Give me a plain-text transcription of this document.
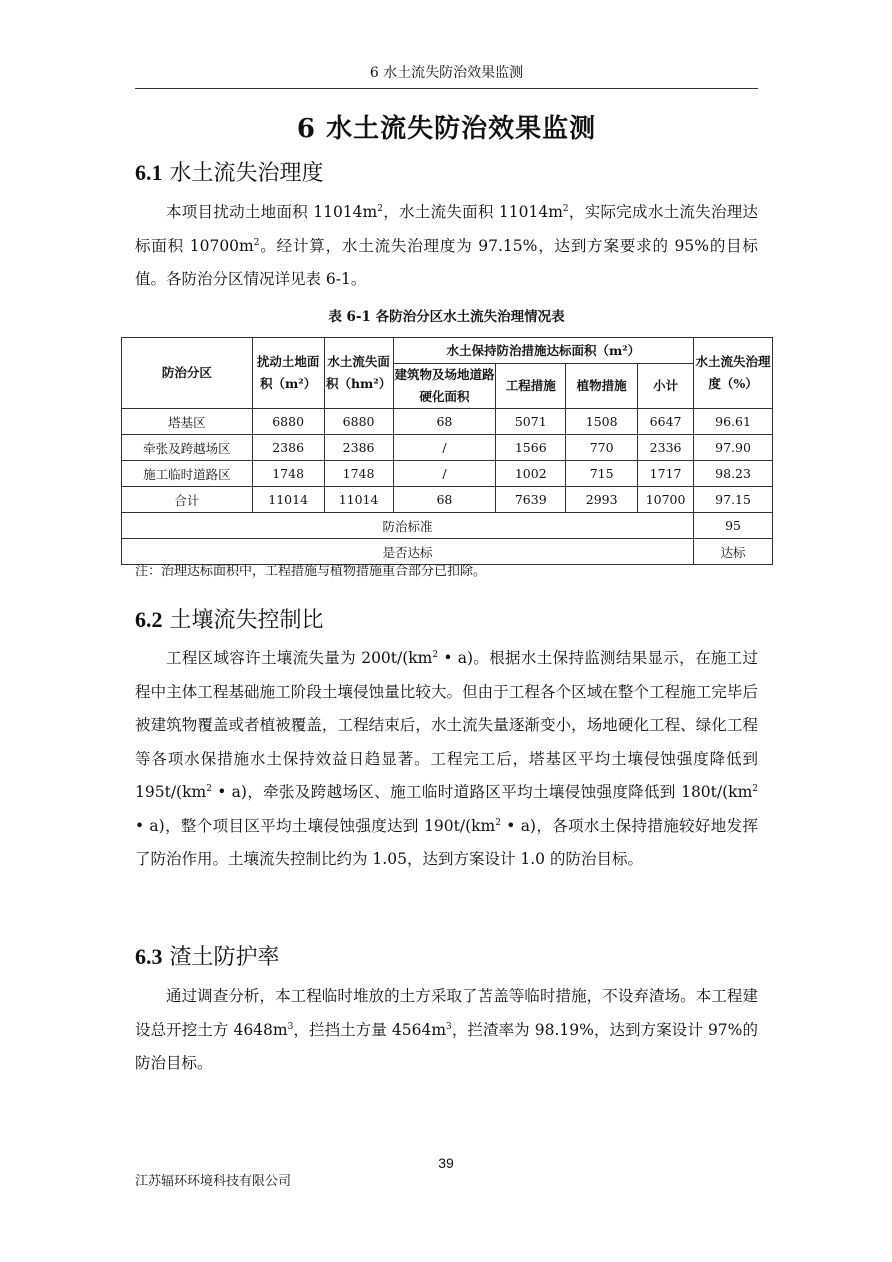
6 水土流失防治效果监测
6 水土流失防治效果监测
6.1 水土流失治理度

本项目扰动土地面积 $11014m^2$，水土流失面积 $11014m^2$，实际完成水土流失治理达标面积 $10700m^2$。经计算，水土流失治理度为 97.15%，达到方案要求的 95%的目标值。各防治分区情况详见表 6-1。

表 6-1 各防治分区水土流失治理情况表
防治分区	扰动土地面积（m²）	水土流失面积（hm²）	水土保持防治措施达标面积（m²）				水土流失治理度（%）
			建筑物及场地道路硬化面积	工程措施	植物措施	小计	
塔基区	6880	6880	68	5071	1508	6647	96.61
牵张及跨越场区	2386	2386	/	1566	770	2336	97.90
施工临时道路区	1748	1748	/	1002	715	1717	98.23
合计	11014	11014	68	7639	2993	10700	97.15
防治标准							95
是否达标							达标
注：治理达标面积中，工程措施与植物措施重合部分已扣除。
6.2 土壤流失控制比

工程区域容许土壤流失量为 $200t/(km^2$ • a)。根据水土保持监测结果显示，在施工过程中主体工程基础施工阶段土壤侵蚀量比较大。但由于工程各个区域在整个工程施工完毕后被建筑物覆盖或者植被覆盖，工程结束后，水土流失量逐渐变小，场地硬化工程、绿化工程等各项水保措施水土保持效益日趋显著。工程完工后，塔基区平均土壤侵蚀强度降低到 $195t/(km^2$ • a)，牵张及跨越场区、施工临时道路区平均土壤侵蚀强度降低到 $180t/(km^2$ • a)，整个项目区平均土壤侵蚀强度达到 $190t/(km^2$ • a)，各项水土保持措施较好地发挥了防治作用。土壤流失控制比约为 1.05，达到方案设计 1.0 的防治目标。

6.3 渣土防护率

通过调查分析，本工程临时堆放的土方采取了苫盖等临时措施，不设弃渣场。本工程建设总开挖土方 $4648m^3$，拦挡土方量 $4564m^3$，拦渣率为 98.19%，达到方案设计 97%的防治目标。

39
江苏辐环环境科技有限公司
